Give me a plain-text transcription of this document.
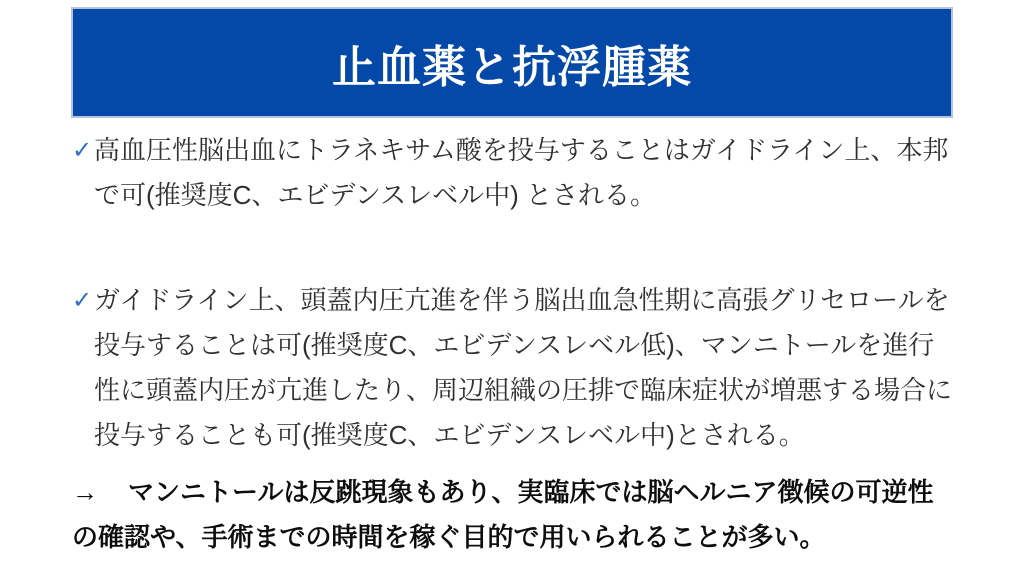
止血薬と抗浮腫薬
✓ 高血圧性脳出血にトラネキサム酸を投与することはガイドライン上、本邦で可(推奨度C、エビデンスレベル中) とされる。
✓ ガイドライン上、頭蓋内圧亢進を伴う脳出血急性期に高張グリセロールを投与することは可(推奨度C、エビデンスレベル低)、マンニトールを進行性に頭蓋内圧が亢進したり、周辺組織の圧排で臨床症状が増悪する場合に投与することも可(推奨度C、エビデンスレベル中)とされる。
→ マンニトールは反跳現象もあり、実臨床では脳ヘルニア徴候の可逆性の確認や、手術までの時間を稼ぐ目的で用いられることが多い。
